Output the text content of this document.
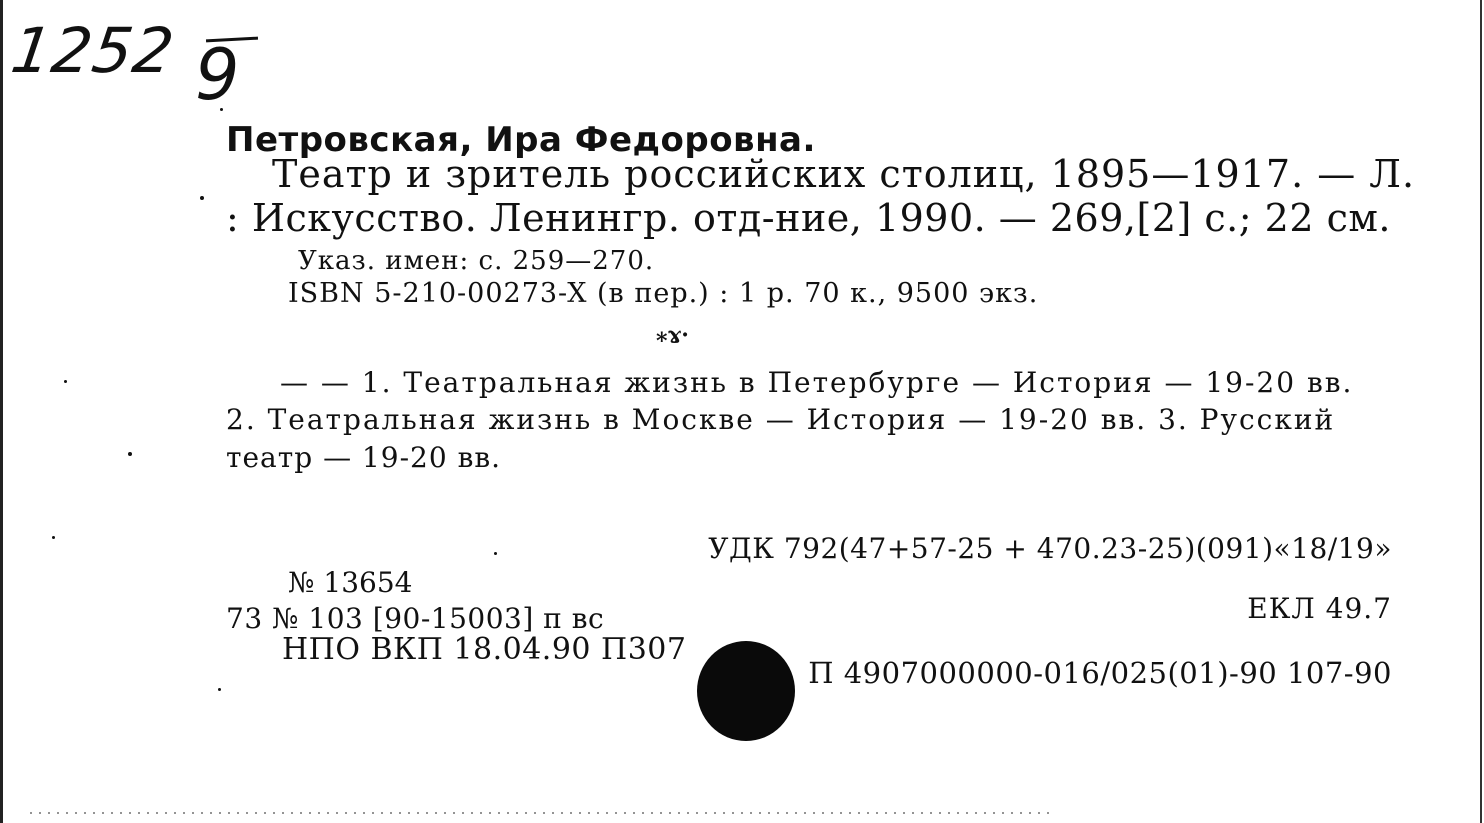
1252 9
Петровская, Ира Федоровна.
Театр и зритель российских столиц, 1895—1917. — Л.
: Искусство. Ленингр. отд-ние, 1990. — 269,[2] с.; 22 см.
Указ. имен: с. 259—270.
ISBN 5-210-00273-X (в пер.) : 1 р. 70 к., 9500 экз.
⁎ɤ·
— — 1. Театральная жизнь в Петербурге — История — 19-20 вв.
2. Театральная жизнь в Москве — История — 19-20 вв. 3. Русский
театр — 19-20 вв.
УДК 792(47+57-25 + 470.23-25)(091)«18/19»
№ 13654
73 № 103 [90-15003] п вс	ЕКЛ 49.7
НПО ВКП 18.04.90 П307
П 4907000000-016/025(01)-90 107-90
